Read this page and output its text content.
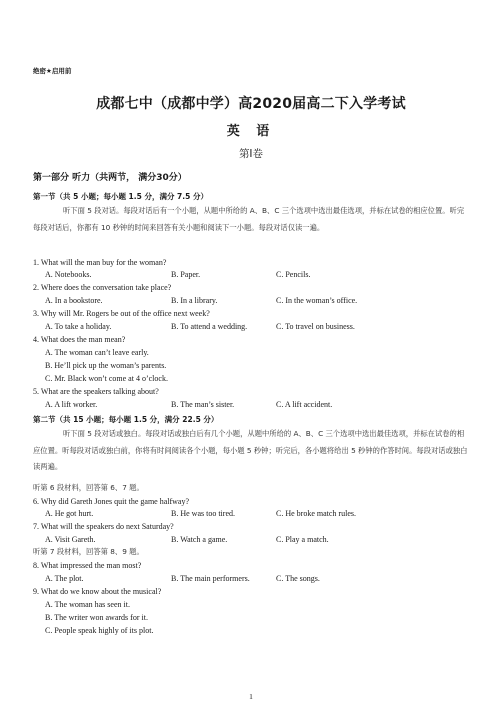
绝密★启用前
成都七中（成都中学）高2020届高二下入学考试
英 语
第I卷
第一部分 听力（共两节， 满分30分）
第一节（共 5 小题；每小题 1.5 分，满分 7.5 分）
听下面 5 段对话。每段对话后有一个小题，从题中所给的 A、B、C 三个选项中选出最佳选项，并标在试卷的相应位置。听完每段对话后，你都有 10 秒钟的时间来回答有关小题和阅读下一小题。每段对话仅读一遍。
1. What will the man buy for the woman?
A. Notebooks.	B. Paper.	C. Pencils.
2. Where does the conversation take place?
A. In a bookstore.	B. In a library.	C. In the woman’s office.
3. Why will Mr. Rogers be out of the office next week?
A. To take a holiday.	B. To attend a wedding.	C. To travel on business.
4. What does the man mean?
A. The woman can’t leave early.
B. He’ll pick up the woman’s parents.
C. Mr. Black won’t come at 4 o’clock.
5. What are the speakers talking about?
A. A lift worker.	B. The man’s sister.	C. A lift accident.
第二节（共 15 小题；每小题 1.5 分，满分 22.5 分）
听下面 5 段对话或独白。每段对话或独白后有几个小题，从题中所给的 A、B、C 三个选项中选出最佳选项，并标在试卷的相应位置。听每段对话或独白前，你将有时间阅读各个小题，每小题 5 秒钟；听完后，各小题将给出 5 秒钟的作答时间。每段对话或独白读两遍。
听第 6 段材料，回答第 6、7 题。
6. Why did Gareth Jones quit the game halfway?
A. He got hurt.	B. He was too tired.	C. He broke match rules.
7. What will the speakers do next Saturday?
A. Visit Gareth.	B. Watch a game.	C. Play a match.
听第 7 段材料，回答第 8、9 题。
8. What impressed the man most?
A. The plot.	B. The main performers.	C. The songs.
9. What do we know about the musical?
A. The woman has seen it.
B. The writer won awards for it.
C. People speak highly of its plot.
1
